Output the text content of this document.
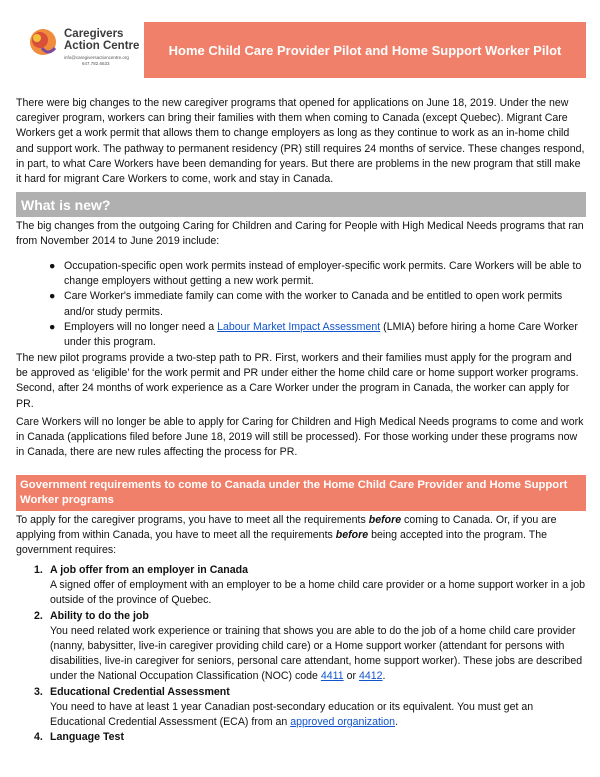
Caregivers
Action Centre
info@caregiversactioncentre.org
647.782.6633
Home Child Care Provider Pilot and Home Support Worker Pilot

There were big changes to the new caregiver programs that opened for applications on June 18, 2019. Under the new caregiver program, workers can bring their families with them when coming to Canada (except Quebec). Migrant Care Workers get a work permit that allows them to change employers as long as they continue to work as an in-home child and support work. The pathway to permanent residency (PR) still requires 24 months of service. These changes respond, in part, to what Care Workers have been demanding for years. But there are problems in the new program that still make it hard for migrant Care Workers to come, work and stay in Canada.

What is new?

The big changes from the outgoing Caring for Children and Caring for People with High Medical Needs programs that ran from November 2014 to June 2019 include:

● Occupation-specific open work permits instead of employer-specific work permits. Care Workers will be able to change employers without getting a new work permit.
● Care Worker's immediate family can come with the worker to Canada and be entitled to open work permits and/or study permits.
● Employers will no longer need a Labour Market Impact Assessment (LMIA) before hiring a home Care Worker under this program.

The new pilot programs provide a two-step path to PR. First, workers and their families must apply for the program and be approved as ‘eligible’ for the work permit and PR under either the home child care or home support worker programs. Second, after 24 months of work experience as a Care Worker under the program in Canada, the worker can apply for PR.

Care Workers will no longer be able to apply for Caring for Children and High Medical Needs programs to come and work in Canada (applications filed before June 18, 2019 will still be processed). For those working under these programs now in Canada, there are new rules affecting the process for PR.

Government requirements to come to Canada under the Home Child Care Provider and Home Support Worker programs

To apply for the caregiver programs, you have to meet all the requirements before coming to Canada. Or, if you are applying from within Canada, you have to meet all the requirements before being accepted into the program. The government requires:

1. A job offer from an employer in Canada
A signed offer of employment with an employer to be a home child care provider or a home support worker in a job outside of the province of Quebec.
2. Ability to do the job
You need related work experience or training that shows you are able to do the job of a home child care provider (nanny, babysitter, live-in caregiver providing child care) or a Home support worker (attendant for persons with disabilities, live-in caregiver for seniors, personal care attendant, home support worker). These jobs are described under the National Occupation Classification (NOC) code 4411 or 4412.
3. Educational Credential Assessment
You need to have at least 1 year Canadian post-secondary education or its equivalent. You must get an Educational Credential Assessment (ECA) from an approved organization.
4. Language Test
